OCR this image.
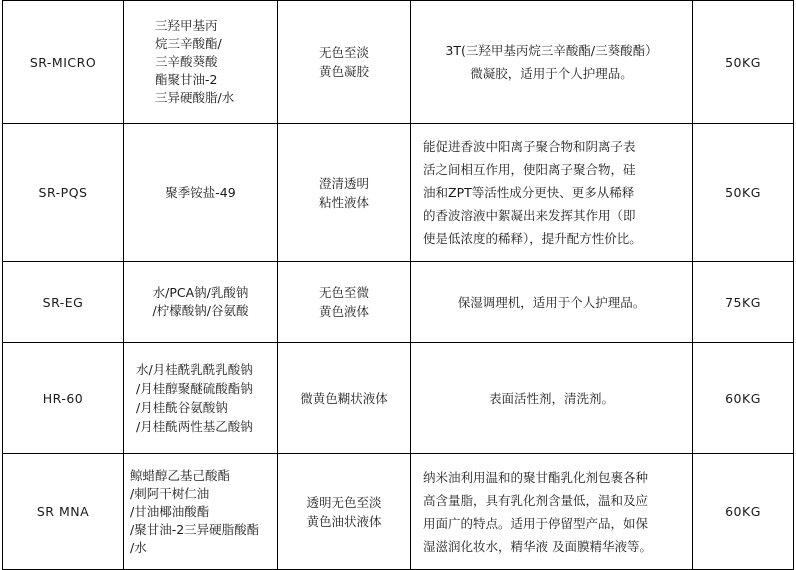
SR-MICRO	三羟甲基丙
烷三辛酸酯/
三辛酸葵酸
酯聚甘油-2
三异硬酸脂/水	无色至淡
黄色凝胶	3T(三羟甲基丙烷三辛酸酯/三葵酸酯）
微凝胶，适用于个人护理品。	50KG
SR-PQS	聚季铵盐-49	澄清透明
粘性液体	能促进香波中阳离子聚合物和阴离子表
活之间相互作用，使阳离子聚合物，硅
油和ZPT等活性成分更快、更多从稀释
的香波溶液中絮凝出来发挥其作用（即
使是低浓度的稀释），提升配方性价比。	50KG
SR-EG	水/PCA钠/乳酸钠
/柠檬酸钠/谷氨酸	无色至微
黄色液体	保湿调理机，适用于个人护理品。	75KG
HR-60	水/月桂酰乳酰乳酸钠
/月桂醇聚醚硫酸酯钠
/月桂酰谷氨酸钠
/月桂酰两性基乙酸钠	微黄色糊状液体	表面活性剂，清洗剂。	60KG
SR MNA	鲸蜡醇乙基己酸酯
/刺阿干树仁油
/甘油椰油酸酯
/聚甘油-2三异硬脂酸酯
/水	透明无色至淡
黄色油状液体	纳米油利用温和的聚甘酯乳化剂包裹各种
高含量脂，具有乳化剂含量低，温和及应
用面广的特点。适用于停留型产品，如保
湿滋润化妆水，精华液 及面膜精华液等。	60KG
